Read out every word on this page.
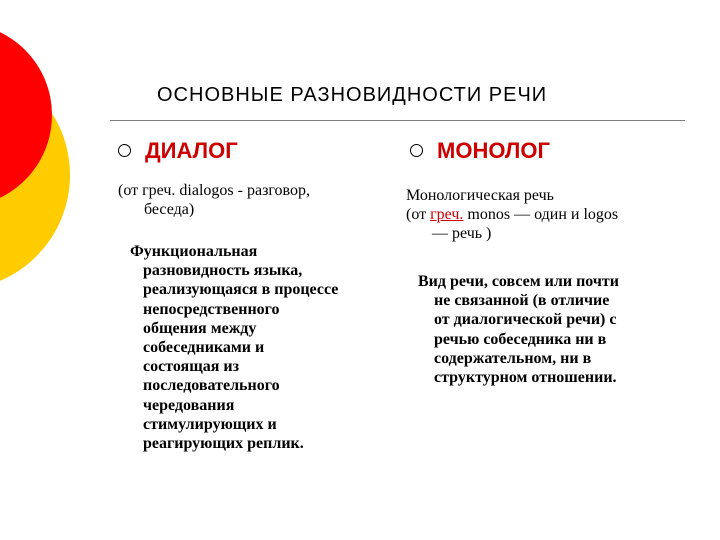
ОСНОВНЫЕ РАЗНОВИДНОСТИ РЕЧИ
ДИАЛОГ
(от греч. dialogos - разговор,
беседа)
Функциональная
разновидность языка,
реализующаяся в процессе
непосредственного
общения между
собеседниками и
состоящая из
последовательного
чередования
стимулирующих и
реагирующих реплик.
МОНОЛОГ
Монологическая речь
(от греч. monos — один и logos
— речь )
Вид речи, совсем или почти
не связанной (в отличие
от диалогической речи) с
речью собеседника ни в
содержательном, ни в
структурном отношении.
